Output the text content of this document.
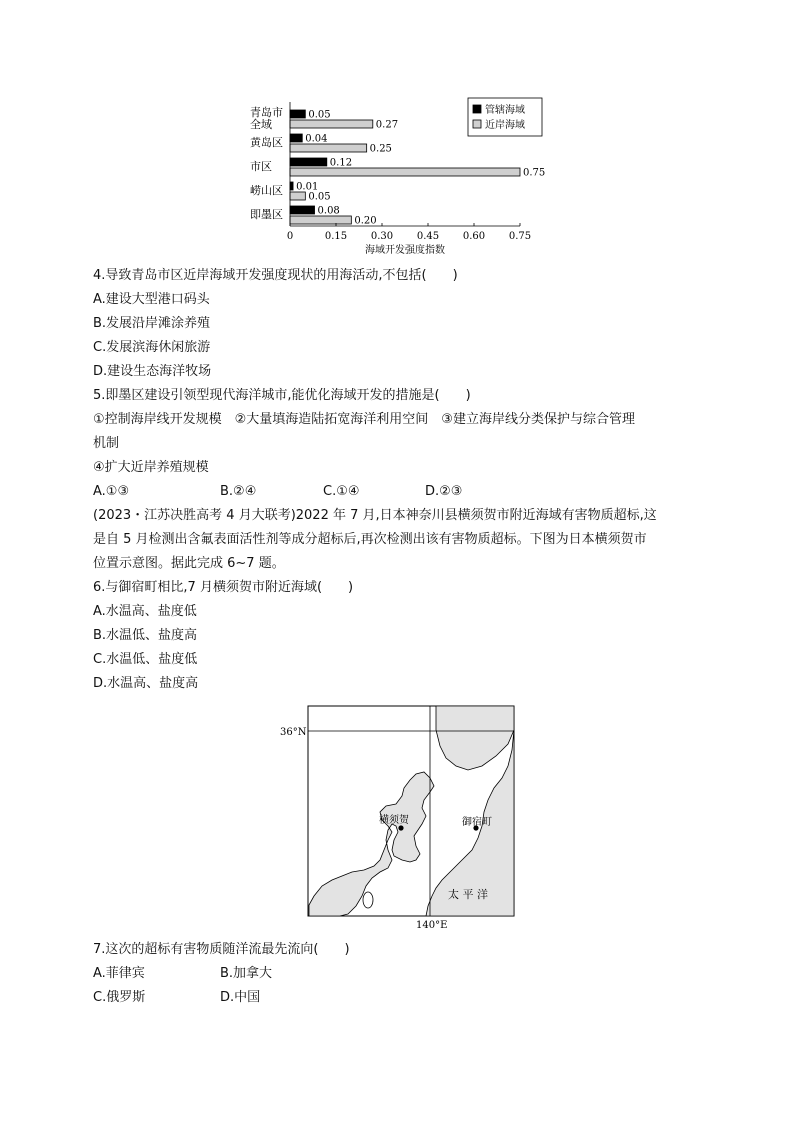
0.05
0.27
0.04
0.25
0.12
0.75
0.01
0.05
0.08
0.20
青岛市
全域
黄岛区
市区
崂山区
即墨区
0	0.15 0.30 0.45 0.60 0.75
海域开发强度指数
管辖海域
近岸海域
4.导致青岛市区近岸海域开发强度现状的用海活动,不包括(　　)
A.建设大型港口码头
B.发展沿岸滩涂养殖
C.发展滨海休闲旅游
D.建设生态海洋牧场
5.即墨区建设引领型现代海洋城市,能优化海域开发的措施是(　　)
①控制海岸线开发规模　②大量填海造陆拓宽海洋利用空间　③建立海岸线分类保护与综合管理
机制
④扩大近岸养殖规模
A.①③	B.②④	C.①④	D.②③
(2023・江苏决胜高考 4 月大联考)2022 年 7 月,日本神奈川县横须贺市附近海域有害物质超标,这
是自 5 月检测出含氟表面活性剂等成分超标后,再次检测出该有害物质超标。下图为日本横须贺市
位置示意图。据此完成 6~7 题。
6.与御宿町相比,7 月横须贺市附近海域(　　)
A.水温高、盐度低
B.水温低、盐度高
C.水温低、盐度低
D.水温高、盐度高
36°N
140°E
横须贺	御宿町
太 平 洋
7.这次的超标有害物质随洋流最先流向(　　)
A.菲律宾	B.加拿大
C.俄罗斯	D.中国
